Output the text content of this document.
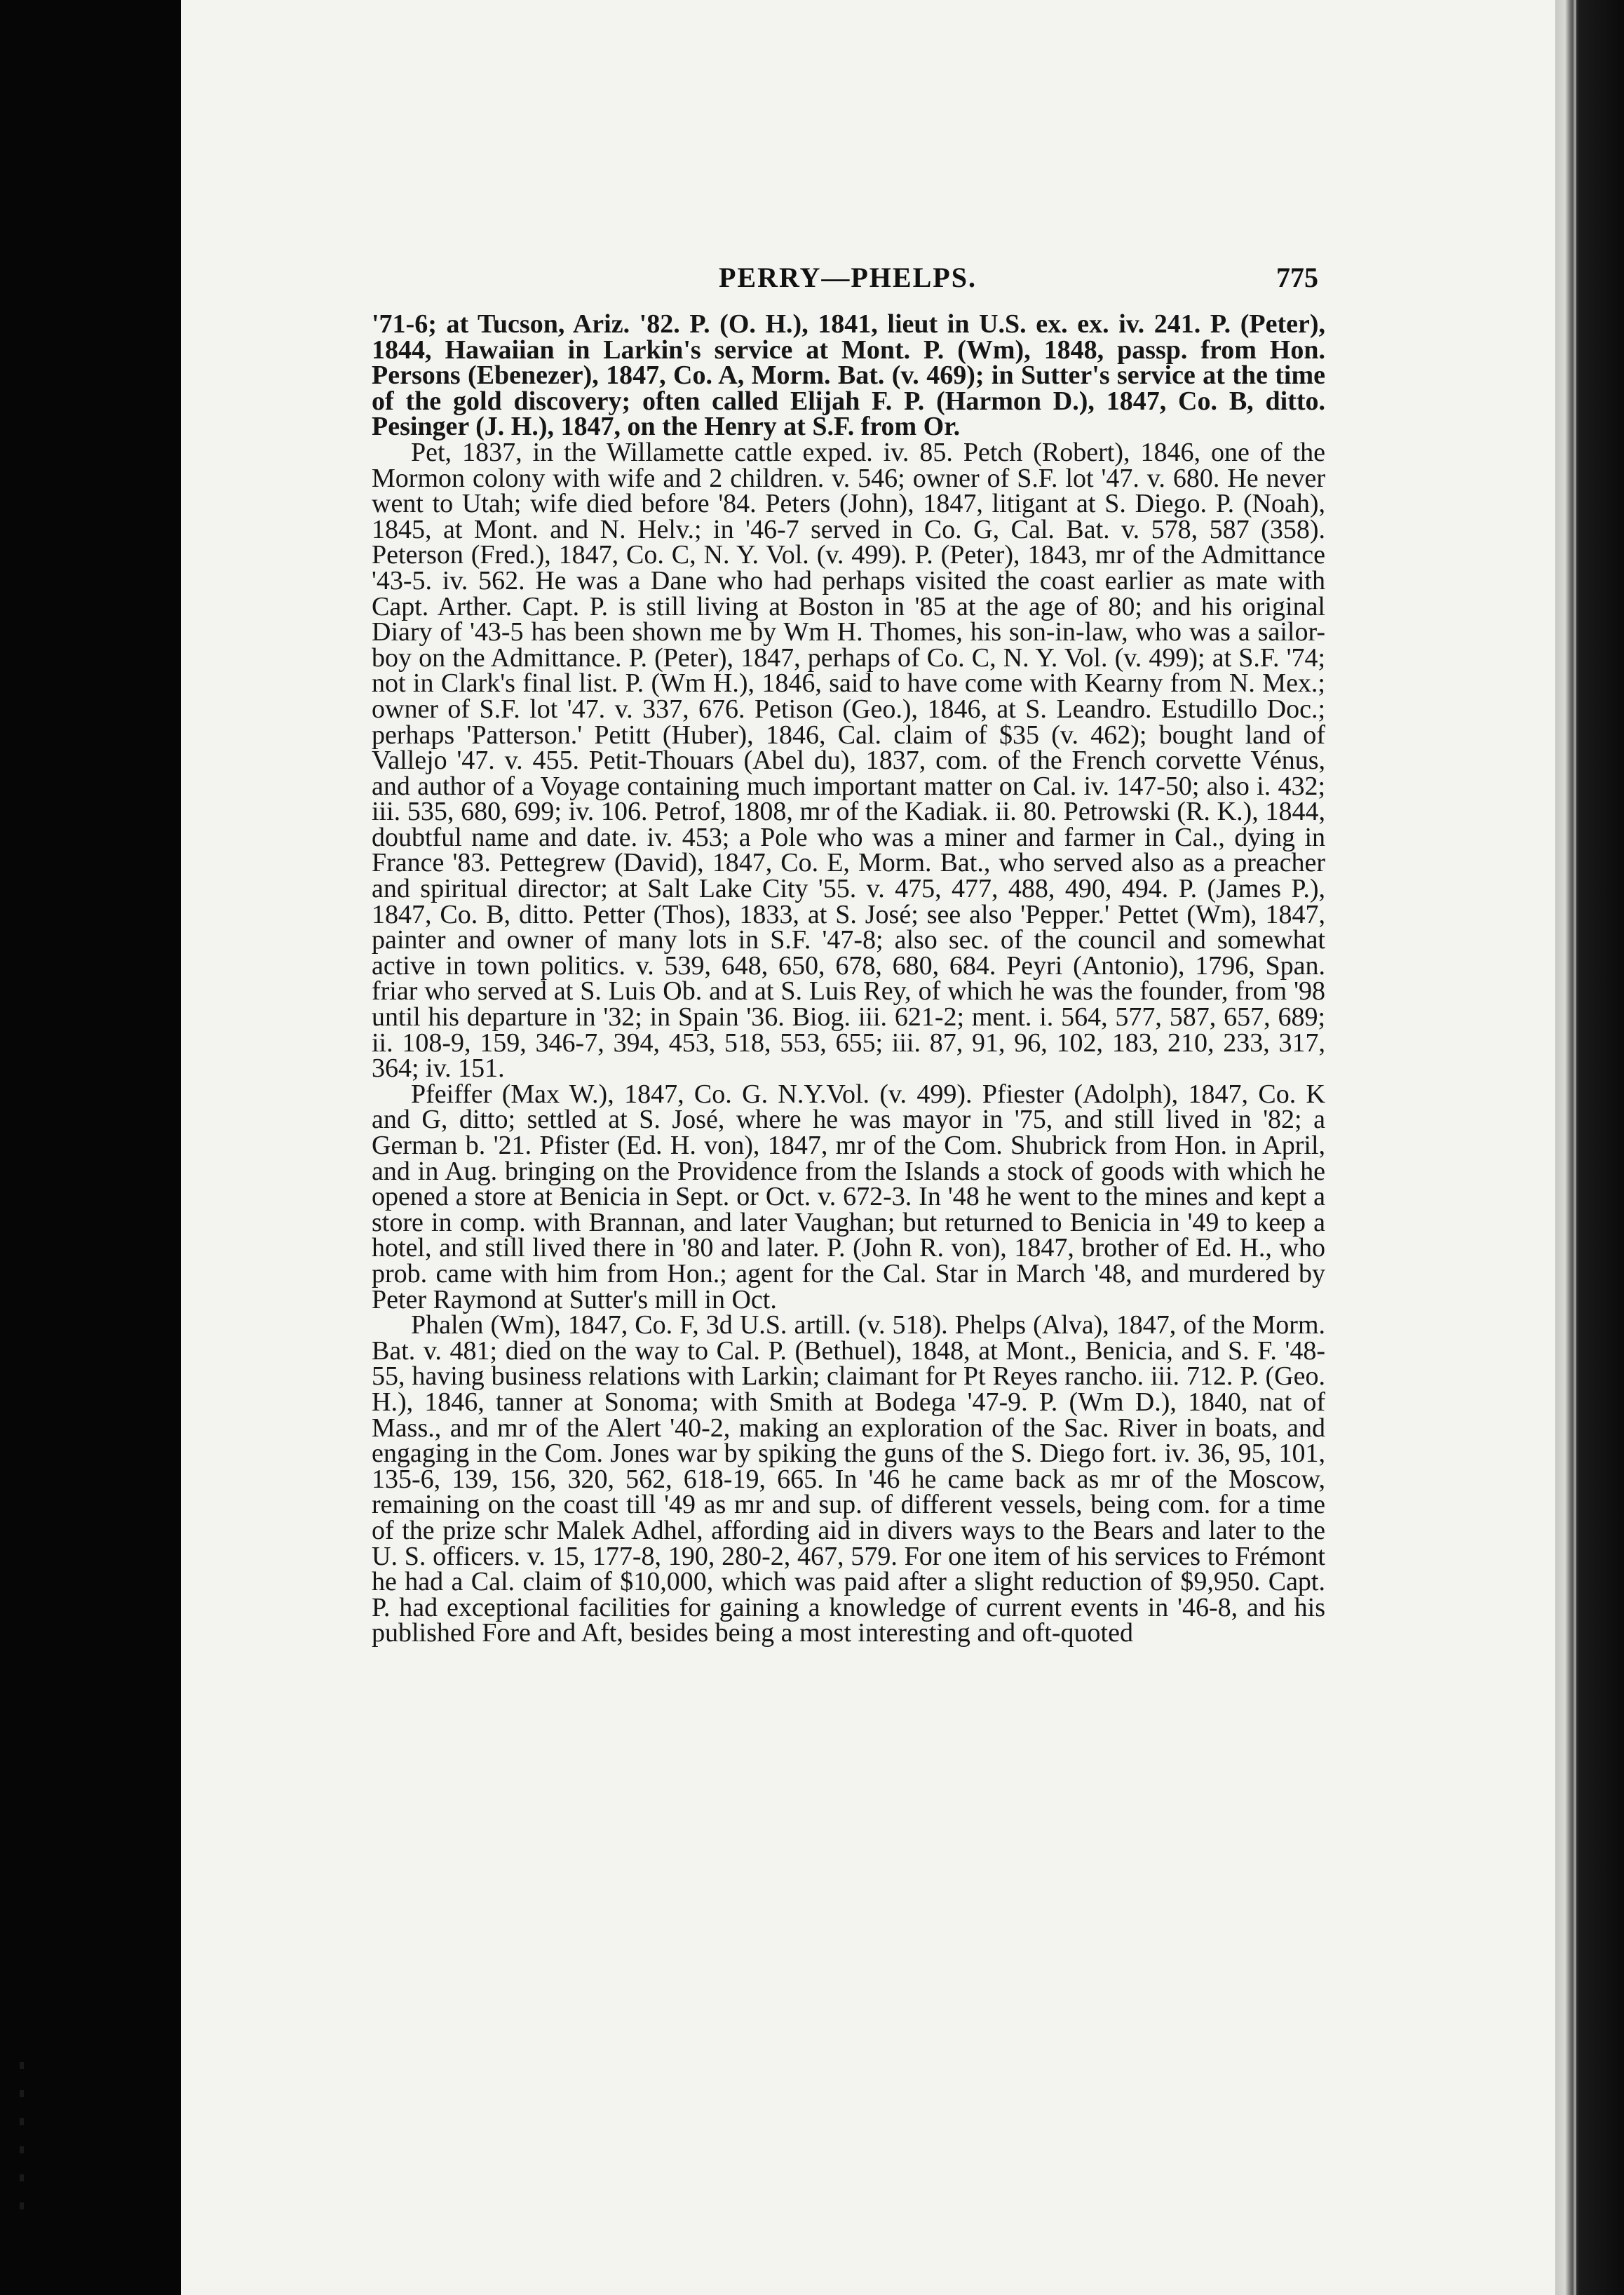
PERRY—PHELPS.	775

'71-6; at Tucson, Ariz. '82. P. (O. H.), 1841, lieut in U.S. ex. ex. iv. 241. P. (Peter), 1844, Hawaiian in Larkin's service at Mont. P. (Wm), 1848, passp. from Hon. Persons (Ebenezer), 1847, Co. A, Morm. Bat. (v. 469); in Sutter's service at the time of the gold discovery; often called Elijah F. P. (Harmon D.), 1847, Co. B, ditto. Pesinger (J. H.), 1847, on the Henry at S.F. from Or.

Pet, 1837, in the Willamette cattle exped. iv. 85. Petch (Robert), 1846, one of the Mormon colony with wife and 2 children. v. 546; owner of S.F. lot '47. v. 680. He never went to Utah; wife died before '84. Peters (John), 1847, litigant at S. Diego. P. (Noah), 1845, at Mont. and N. Helv.; in '46-7 served in Co. G, Cal. Bat. v. 578, 587 (358). Peterson (Fred.), 1847, Co. C, N. Y. Vol. (v. 499). P. (Peter), 1843, mr of the Admittance '43-5. iv. 562. He was a Dane who had perhaps visited the coast earlier as mate with Capt. Arther. Capt. P. is still living at Boston in '85 at the age of 80; and his original Diary of '43-5 has been shown me by Wm H. Thomes, his son-in-law, who was a sailor-boy on the Admittance. P. (Peter), 1847, perhaps of Co. C, N. Y. Vol. (v. 499); at S.F. '74; not in Clark's final list. P. (Wm H.), 1846, said to have come with Kearny from N. Mex.; owner of S.F. lot '47. v. 337, 676. Petison (Geo.), 1846, at S. Leandro. Estudillo Doc.; perhaps 'Patterson.' Petitt (Huber), 1846, Cal. claim of $35 (v. 462); bought land of Vallejo '47. v. 455. Petit-Thouars (Abel du), 1837, com. of the French corvette Vénus, and author of a Voyage containing much important matter on Cal. iv. 147-50; also i. 432; iii. 535, 680, 699; iv. 106. Petrof, 1808, mr of the Kadiak. ii. 80. Petrowski (R. K.), 1844, doubtful name and date. iv. 453; a Pole who was a miner and farmer in Cal., dying in France '83. Pettegrew (David), 1847, Co. E, Morm. Bat., who served also as a preacher and spiritual director; at Salt Lake City '55. v. 475, 477, 488, 490, 494. P. (James P.), 1847, Co. B, ditto. Petter (Thos), 1833, at S. José; see also 'Pepper.' Pettet (Wm), 1847, painter and owner of many lots in S.F. '47-8; also sec. of the council and somewhat active in town politics. v. 539, 648, 650, 678, 680, 684. Peyri (Antonio), 1796, Span. friar who served at S. Luis Ob. and at S. Luis Rey, of which he was the founder, from '98 until his departure in '32; in Spain '36. Biog. iii. 621-2; ment. i. 564, 577, 587, 657, 689; ii. 108-9, 159, 346-7, 394, 453, 518, 553, 655; iii. 87, 91, 96, 102, 183, 210, 233, 317, 364; iv. 151.

Pfeiffer (Max W.), 1847, Co. G. N.Y.Vol. (v. 499). Pfiester (Adolph), 1847, Co. K and G, ditto; settled at S. José, where he was mayor in '75, and still lived in '82; a German b. '21. Pfister (Ed. H. von), 1847, mr of the Com. Shubrick from Hon. in April, and in Aug. bringing on the Providence from the Islands a stock of goods with which he opened a store at Benicia in Sept. or Oct. v. 672-3. In '48 he went to the mines and kept a store in comp. with Brannan, and later Vaughan; but returned to Benicia in '49 to keep a hotel, and still lived there in '80 and later. P. (John R. von), 1847, brother of Ed. H., who prob. came with him from Hon.; agent for the Cal. Star in March '48, and murdered by Peter Raymond at Sutter's mill in Oct.

Phalen (Wm), 1847, Co. F, 3d U.S. artill. (v. 518). Phelps (Alva), 1847, of the Morm. Bat. v. 481; died on the way to Cal. P. (Bethuel), 1848, at Mont., Benicia, and S. F. '48-55, having business relations with Larkin; claimant for Pt Reyes rancho. iii. 712. P. (Geo. H.), 1846, tanner at Sonoma; with Smith at Bodega '47-9. P. (Wm D.), 1840, nat of Mass., and mr of the Alert '40-2, making an exploration of the Sac. River in boats, and engaging in the Com. Jones war by spiking the guns of the S. Diego fort. iv. 36, 95, 101, 135-6, 139, 156, 320, 562, 618-19, 665. In '46 he came back as mr of the Moscow, remaining on the coast till '49 as mr and sup. of different vessels, being com. for a time of the prize schr Malek Adhel, affording aid in divers ways to the Bears and later to the U. S. officers. v. 15, 177-8, 190, 280-2, 467, 579. For one item of his services to Frémont he had a Cal. claim of $10,000, which was paid after a slight reduction of $9,950. Capt. P. had exceptional facilities for gaining a knowledge of current events in '46-8, and his published Fore and Aft, besides being a most interesting and oft-quoted
